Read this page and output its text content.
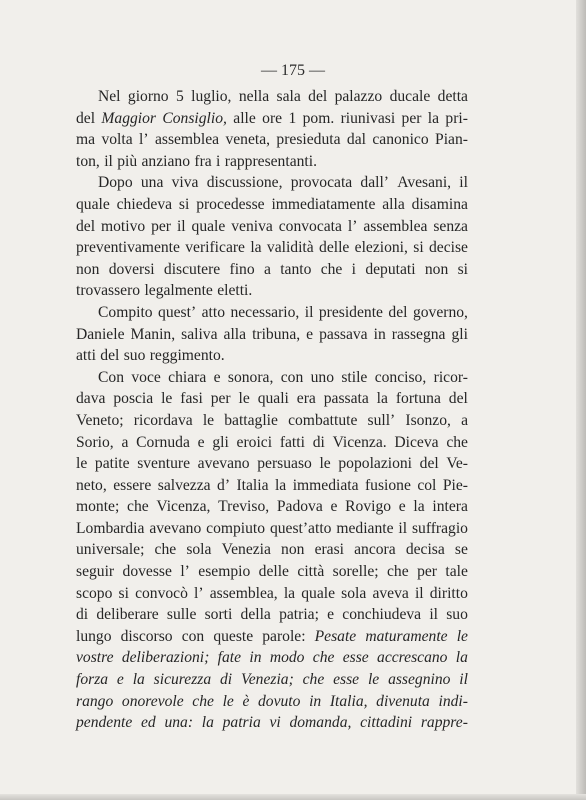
— 175 —
Nel giorno 5 luglio, nella sala del palazzo ducale detta
del Maggior Consiglio, alle ore 1 pom. riunivasi per la pri-
ma volta l’ assemblea veneta, presieduta dal canonico Pian-
ton, il più anziano fra i rappresentanti.
Dopo una viva discussione, provocata dall’ Avesani, il
quale chiedeva si procedesse immediatamente alla disamina
del motivo per il quale veniva convocata l’ assemblea senza
preventivamente verificare la validità delle elezioni, si decise
non doversi discutere fino a tanto che i deputati non si
trovassero legalmente eletti.
Compito quest’ atto necessario, il presidente del governo,
Daniele Manin, saliva alla tribuna, e passava in rassegna gli
atti del suo reggimento.
Con voce chiara e sonora, con uno stile conciso, ricor-
dava poscia le fasi per le quali era passata la fortuna del
Veneto; ricordava le battaglie combattute sull’ Isonzo, a
Sorio, a Cornuda e gli eroici fatti di Vicenza. Diceva che
le patite sventure avevano persuaso le popolazioni del Ve-
neto, essere salvezza d’ Italia la immediata fusione col Pie-
monte; che Vicenza, Treviso, Padova e Rovigo e la intera
Lombardia avevano compiuto quest’atto mediante il suffragio
universale; che sola Venezia non erasi ancora decisa se
seguir dovesse l’ esempio delle città sorelle; che per tale
scopo si convocò l’ assemblea, la quale sola aveva il diritto
di deliberare sulle sorti della patria; e conchiudeva il suo
lungo discorso con queste parole: Pesate maturamente le
vostre deliberazioni; fate in modo che esse accrescano la
forza e la sicurezza di Venezia; che esse le assegnino il
rango onorevole che le è dovuto in Italia, divenuta indi-
pendente ed una: la patria vi domanda, cittadini rappre-
